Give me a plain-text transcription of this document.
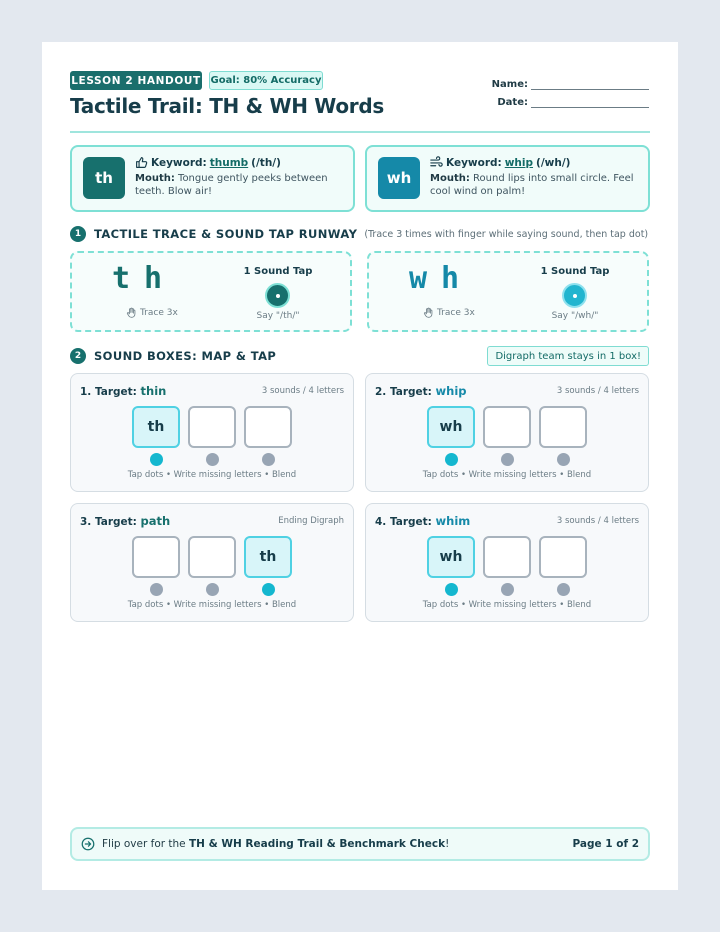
LESSON 2 HANDOUT Goal: 80% Accuracy
Tactile Trail: TH & WH Words
Name:
Date:
th
Keyword: thumb (/th/)
Mouth: Tongue gently peeks between teeth. Blow air!
wh
Keyword: whip (/wh/)
Mouth: Round lips into small circle. Feel cool wind on palm!
1	TACTILE TRACE & SOUND TAP RUNWAY (Trace 3 times with finger while saying sound, then tap dot)
th
Trace 3x
1 Sound Tap
Say "/th/"
wh
Trace 3x
1 Sound Tap
Say "/wh/"
2	SOUND BOXES: MAP & TAP	Digraph team stays in 1 box!
1. Target: thin	3 sounds / 4 letters
th
Tap dots • Write missing letters • Blend
2. Target: whip	3 sounds / 4 letters
wh
Tap dots • Write missing letters • Blend
3. Target: path	Ending Digraph
th
Tap dots • Write missing letters • Blend
4. Target: whim	3 sounds / 4 letters
wh
Tap dots • Write missing letters • Blend
Flip over for the TH & WH Reading Trail & Benchmark Check!	Page 1 of 2
